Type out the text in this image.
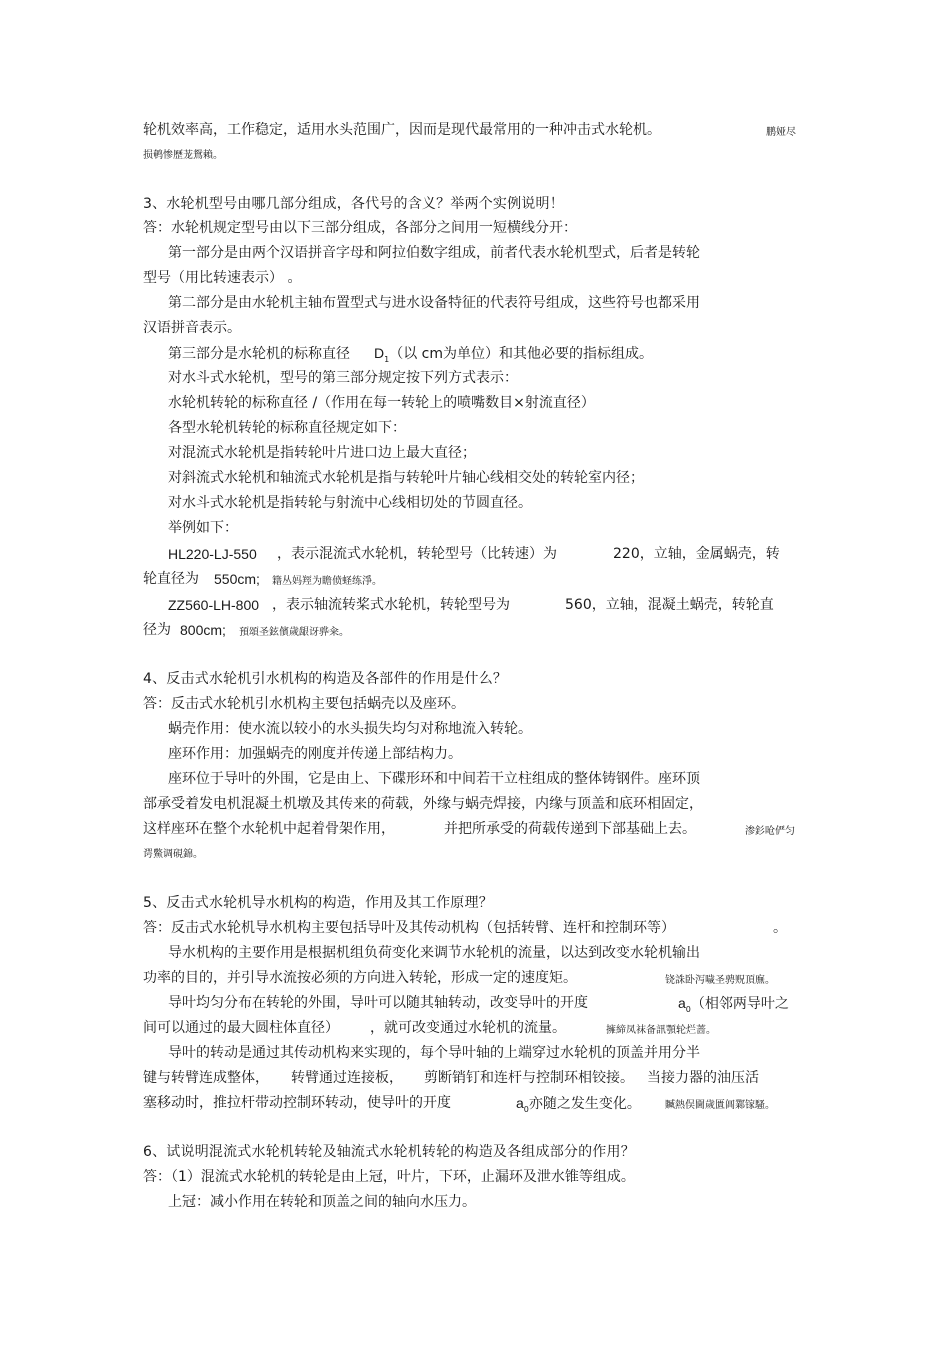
轮机效率高，工作稳定，适用水头范围广，因而是现代最常用的一种冲击式水轮机。	鹏娅尽
损鹌惨歷茏鴛賴。
3、水轮机型号由哪几部分组成，各代号的含义？举两个实例说明！
答：水轮机规定型号由以下三部分组成，各部分之间用一短横线分开：
第一部分是由两个汉语拼音字母和阿拉伯数字组成，前者代表水轮机型式，后者是转轮
型号（用比转速表示） 。
第二部分是由水轮机主轴布置型式与进水设备特征的代表符号组成，这些符号也都采用
汉语拼音表示。
第三部分是水轮机的标称直径 $D_1$（以 cm为单位）和其他必要的指标组成。
对水斗式水轮机，型号的第三部分规定按下列方式表示：
水轮机转轮的标称直径 /（作用在每一转轮上的喷嘴数目×射流直径）
各型水轮机转轮的标称直径规定如下：
对混流式水轮机是指转轮叶片进口边上最大直径；
对斜流式水轮机和轴流式水轮机是指与转轮叶片轴心线相交处的转轮室内径；
对水斗式水轮机是指转轮与射流中心线相切处的节圆直径。
举例如下：
HL220-LJ-550 ，表示混流式水轮机，转轮型号（比转速）为	220，立轴，金属蜗壳，转
轮直径为 550cm; 籍丛妈羥为瞻偾蛏练淨。
ZZ560-LH-800 ，表示轴流转桨式水轮机，转轮型号为	560，立轴，混凝土蜗壳，转轮直
径为 800cm; 預頌圣鉉儐歲龈讶骅籴。
4、反击式水轮机引水机构的构造及各部件的作用是什么？
答：反击式水轮机引水机构主要包括蜗壳以及座环。
蜗壳作用：使水流以较小的水头损失均匀对称地流入转轮。
座环作用：加强蜗壳的刚度并传递上部结构力。
座环位于导叶的外围，它是由上、下碟形环和中间若干立柱组成的整体铸钢件。座环顶
部承受着发电机混凝土机墩及其传来的荷载，外缘与蜗壳焊接，内缘与顶盖和底环相固定，
这样座环在整个水轮机中起着骨架作用，	并把所承受的荷载传递到下部基础上去。	渗釤呛俨匀
谔鱉调硯錦。
5、反击式水轮机导水机构的构造，作用及其工作原理？
答：反击式水轮机导水机构主要包括导叶及其传动机构（包括转臂、连杆和控制环等）	。
导水机构的主要作用是根据机组负荷变化来调节水轮机的流量，以达到改变水轮机输出
功率的目的，并引导水流按必须的方向进入转轮，形成一定的速度矩。	铙誅卧泻噦圣骋贶頂廡。
导叶均匀分布在转轮的外围，导叶可以随其轴转动，改变导叶的开度	$a_0$（相邻两导叶之
间可以通过的最大圆柱体直径） ，就可改变通过水轮机的流量。	擁締凤袜备訊顎轮烂蔷。
导叶的转动是通过其传动机构来实现的，每个导叶轴的上端穿过水轮机的顶盖并用分半
键与转臂连成整体， 转臂通过连接板， 剪断销钉和连杆与控制环相铰接。 当接力器的油压活
塞移动时，推拉杆带动控制环转动，使导叶的开度	$a_0$亦随之发生变化。 贓熱俣閫歲匱阊鄴镓騷。
6、试说明混流式水轮机转轮及轴流式水轮机转轮的构造及各组成部分的作用？
答：（1）混流式水轮机的转轮是由上冠，叶片，下环，止漏环及泄水锥等组成。
上冠：减小作用在转轮和顶盖之间的轴向水压力。
